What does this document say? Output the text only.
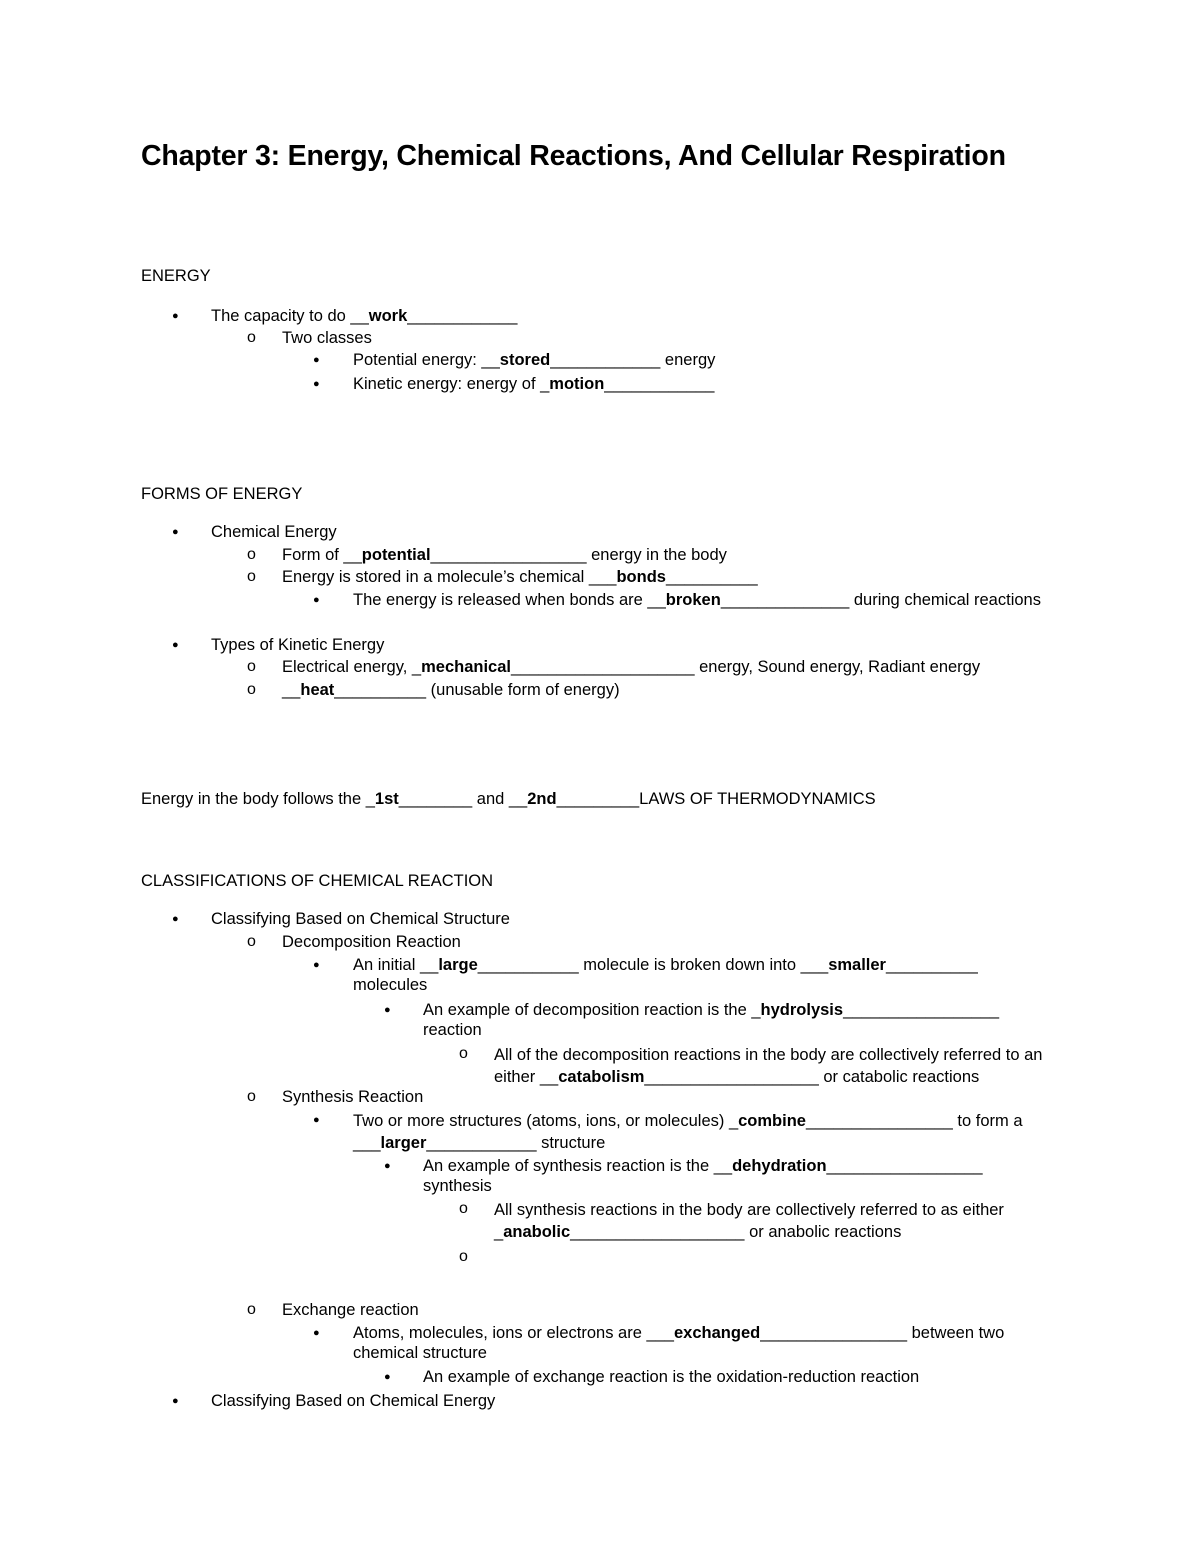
Chapter 3: Energy, Chemical Reactions, And Cellular Respiration
ENERGY
● The capacity to do __work____________
o Two classes
● Potential energy: __stored____________ energy
● Kinetic energy: energy of _motion____________
FORMS OF ENERGY
● Chemical Energy
o Form of __potential_________________ energy in the body
o Energy is stored in a molecule’s chemical ___bonds__________
● The energy is released when bonds are __broken______________ during chemical reactions
● Types of Kinetic Energy
o Electrical energy, _mechanical____________________ energy, Sound energy, Radiant energy
o __heat__________ (unusable form of energy)
Energy in the body follows the _1st________ and __2nd_________LAWS OF THERMODYNAMICS
CLASSIFICATIONS OF CHEMICAL REACTION
● Classifying Based on Chemical Structure
o Decomposition Reaction
● An initial __large___________ molecule is broken down into ___smaller__________ molecules
● An example of decomposition reaction is the _hydrolysis_________________ reaction
o All of the decomposition reactions in the body are collectively referred to an either __catabolism___________________ or catabolic reactions
o Synthesis Reaction
● Two or more structures (atoms, ions, or molecules) _combine________________ to form a ___larger____________ structure
● An example of synthesis reaction is the __dehydration_________________ synthesis
o All synthesis reactions in the body are collectively referred to as either _anabolic___________________ or anabolic reactions
o
o Exchange reaction
● Atoms, molecules, ions or electrons are ___exchanged________________ between two chemical structure
● An example of exchange reaction is the oxidation-reduction reaction
● Classifying Based on Chemical Energy
